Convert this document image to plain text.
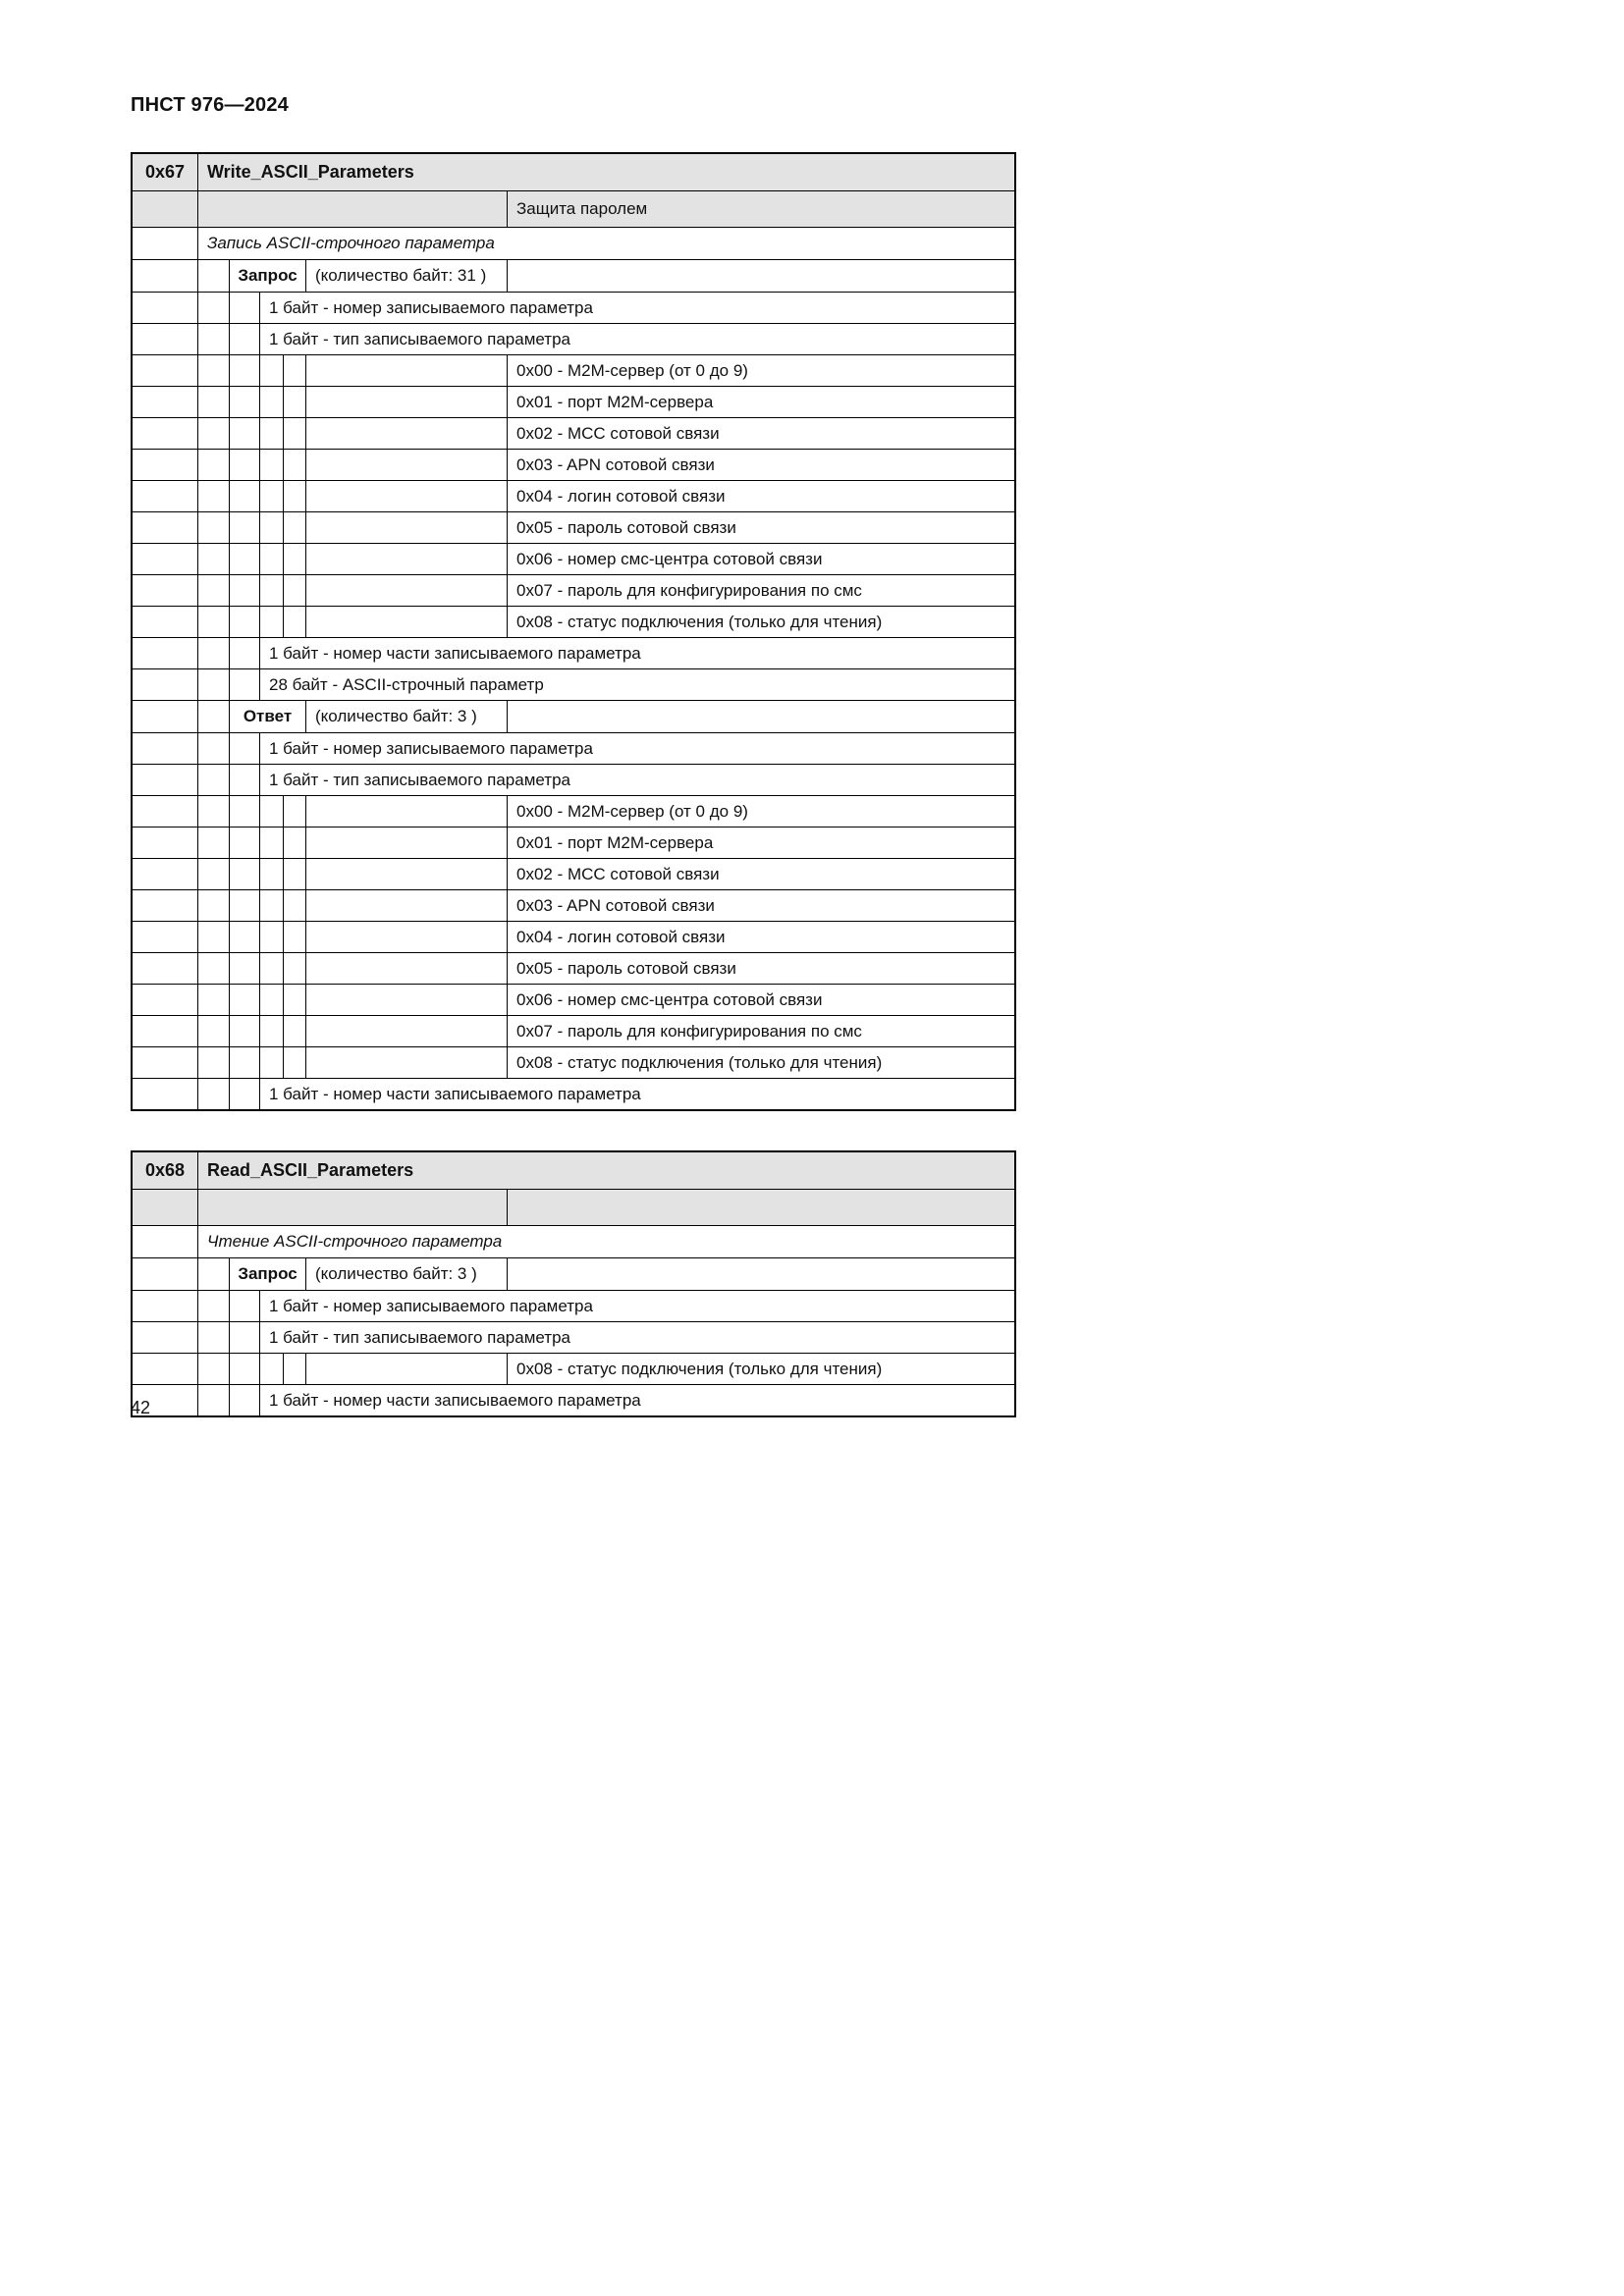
ПНСТ 976—2024
0x67	Write_ASCII_Parameters
Защита паролем
Запись ASCII-строчного параметра
Запрос	(количество байт: 31 )
1 байт - номер записываемого параметра
1 байт - тип записываемого параметра
0x00 - M2M-сервер (от 0 до 9)
0x01 - порт M2M-сервера
0x02 - MCC сотовой связи
0x03 - APN сотовой связи
0x04 - логин сотовой связи
0x05 - пароль сотовой связи
0x06 - номер смс-центра сотовой связи
0x07 - пароль для конфигурирования по смс
0x08 - статус подключения (только для чтения)
1 байт - номер части записываемого параметра
28 байт - ASCII-строчный параметр
Ответ	(количество байт: 3 )
1 байт - номер записываемого параметра
1 байт - тип записываемого параметра
0x00 - M2M-сервер (от 0 до 9)
0x01 - порт M2M-сервера
0x02 - MCC сотовой связи
0x03 - APN сотовой связи
0x04 - логин сотовой связи
0x05 - пароль сотовой связи
0x06 - номер смс-центра сотовой связи
0x07 - пароль для конфигурирования по смс
0x08 - статус подключения (только для чтения)
1 байт - номер части записываемого параметра
0x68	Read_ASCII_Parameters
Чтение ASCII-строчного параметра
Запрос	(количество байт: 3 )
1 байт - номер записываемого параметра
1 байт - тип записываемого параметра
0x08 - статус подключения (только для чтения)
1 байт - номер части записываемого параметра
42
